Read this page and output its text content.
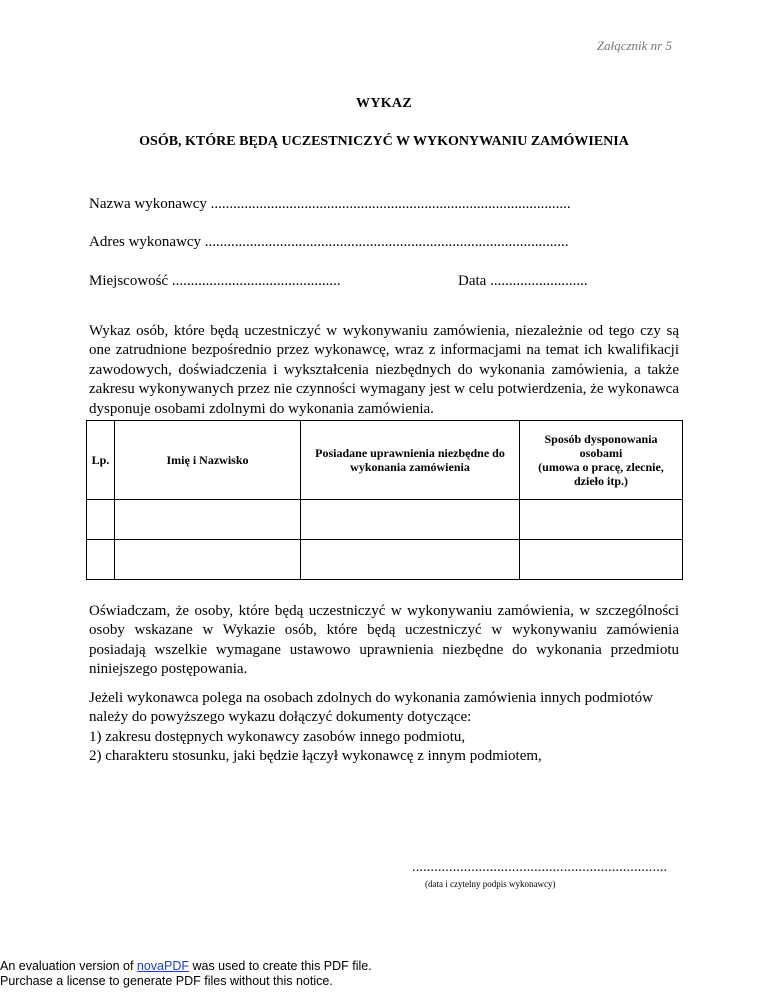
Załącznik nr 5
WYKAZ
OSÓB, KTÓRE BĘDĄ UCZESTNICZYĆ W WYKONYWANIU ZAMÓWIENIA
Nazwa wykonawcy ................................................................................................
Adres wykonawcy .................................................................................................
Miejscowość .............................................	Data ..........................
Wykaz osób, które będą uczestniczyć w wykonywaniu zamówienia, niezależnie od tego czy są one zatrudnione bezpośrednio przez wykonawcę, wraz z informacjami na temat ich kwalifikacji zawodowych, doświadczenia i wykształcenia niezbędnych do wykonania zamówienia, a także zakresu wykonywanych przez nie czynności wymagany jest w celu potwierdzenia, że wykonawca dysponuje osobami zdolnymi do wykonania zamówienia.
Lp.	Imię i Nazwisko	Posiadane uprawnienia niezbędne do wykonania zamówienia	Sposób dysponowania osobami
(umowa o pracę, zlecnie, dzieło itp.)

Oświadczam, że osoby, które będą uczestniczyć w wykonywaniu zamówienia, w szczególności osoby wskazane w Wykazie osób, które będą uczestniczyć w wykonywaniu zamówienia posiadają wszelkie wymagane ustawowo uprawnienia niezbędne do wykonania przedmiotu niniejszego postępowania.
Jeżeli wykonawca polega na osobach zdolnych do wykonania zamówienia innych podmiotów należy do powyższego wykazu dołączyć dokumenty dotyczące:
1) zakresu dostępnych wykonawcy zasobów innego podmiotu,
2) charakteru stosunku, jaki będzie łączył wykonawcę z innym podmiotem,
.....................................................................
(data i czytelny podpis wykonawcy)
An evaluation version of novaPDF was used to create this PDF file.
Purchase a license to generate PDF files without this notice.
